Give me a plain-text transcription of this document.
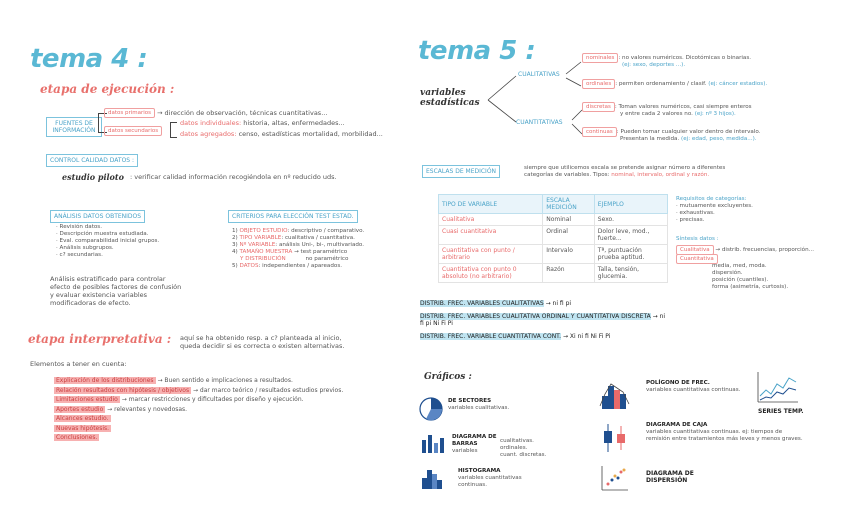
tema 4 :
etapa de ejecución :
FUENTES DE INFORMACIÓN
datos primarios → dirección de observación, técnicas cuantitativas...
datos secundarios
datos individuales: historia, altas, enfermedades...
datos agregados: censo, estadísticas mortalidad, morbilidad...
CONTROL CALIDAD DATOS :
estudio piloto : verificar calidad información recogiéndola en nº reducido uds.
ANÁLISIS DATOS OBTENIDOS
· Revisión datos.
· Descripción muestra estudiada.
· Eval. comparabilidad inicial grupos.
· Análisis subgrupos.
· c? secundarias.
Análisis estratificado para controlar
efecto de posibles factores de confusión
y evaluar existencia variables
modificadoras de efecto.
CRITERIOS PARA ELECCIÓN TEST ESTAD.
1) OBJETO ESTUDIO: descriptivo / comparativo.
2) TIPO VARIABLE: cualitativa / cuantitativa.
3) Nº VARIABLE: análisis Uni-, bi-, multivariado.
4) TAMAÑO MUESTRA → test paramétrico
Y DISTRIBUCIÓN	no paramétrico
5) DATOS: independientes / apareados.
etapa interpretativa : aquí se ha obtenido resp. a c? planteada al inicio,
queda decidir si es correcta o existen alternativas.
Elementos a tener en cuenta:
Explicación de los distribuciones → Buen sentido e implicaciones a resultados.
Relación resultados con hipótesis / objetivos → dar marco teórico / resultados estudios previos.
Limitaciones estudio → marcar restricciones y dificultades por diseño y ejecución.
Aportes estudio → relevantes y novedosas.
Alcances estudio.
Nuevas hipótesis.
Conclusiones.
tema 5 :
variables estadísticas
CUALITATIVAS
CUANTITATIVAS
nominales : no valores numéricos. Dicotómicas o binarias.
(ej: sexo, deportes ...).
ordinales : permiten ordenamiento / clasif. (ej: cáncer estadios).
discretas : Toman valores numéricos, casi siempre enteros
y entre cada 2 valores no. (ej: nº 3 hijos).
continuas : Pueden tomar cualquier valor dentro de intervalo.
Presentan la medida. (ej: edad, peso, medida...).
ESCALAS DE MEDICIÓN	siempre que utilicemos escala se pretende asignar número a diferentes
categorías de variables. Tipos: nominal, intervalo, ordinal y razón.
TIPO DE VARIABLE	ESCALA MEDICIÓN	EJEMPLO
Cualitativa	Nominal	Sexo.
Cuasi cuantitativa	Ordinal	Dolor leve, mod., fuerte...
Cuantitativa con punto / arbitrario	Intervalo	Tª, puntuación prueba aptitud.
Cuantitativa con punto 0 absoluto (no arbitrario)	Razón	Talla, tensión, glucemia.
Requisitos de categorías:
· mutuamente excluyentes.
· exhaustivas.
· precisas.
Síntesis datos :
Cualitativa → distrib. frecuencias, proporción...
Cuantitativa
media, med, moda.
dispersión.
posición (cuantiles).
forma (asimetría, curtosis).
DISTRIB. FREC. VARIABLES CUALITATIVAS → ni fi pi
DISTRIB. FREC. VARIABLES CUALITATIVA ORDINAL Y CUANTITATIVA DISCRETA → ni fi pi Ni Fi Pi
DISTRIB. FREC. VARIABLE CUANTITATIVA CONT. → Xi ni fi Ni Fi Pi
Gráficos :
DE SECTORES
variables cualitativas.
DIAGRAMA DE BARRAS
variables
cualitativas.
ordinales.
cuant. discretas.
HISTOGRAMA
variables cuantitativas continuas.
POLÍGONO DE FREC.
variables cuantitativas continuas.
SERIES TEMP.
DIAGRAMA DE CAJA
variables cuantitativas continuas. ej: tiempos de remisión entre tratamientos más leves y menos graves.
DIAGRAMA DE DISPERSIÓN
